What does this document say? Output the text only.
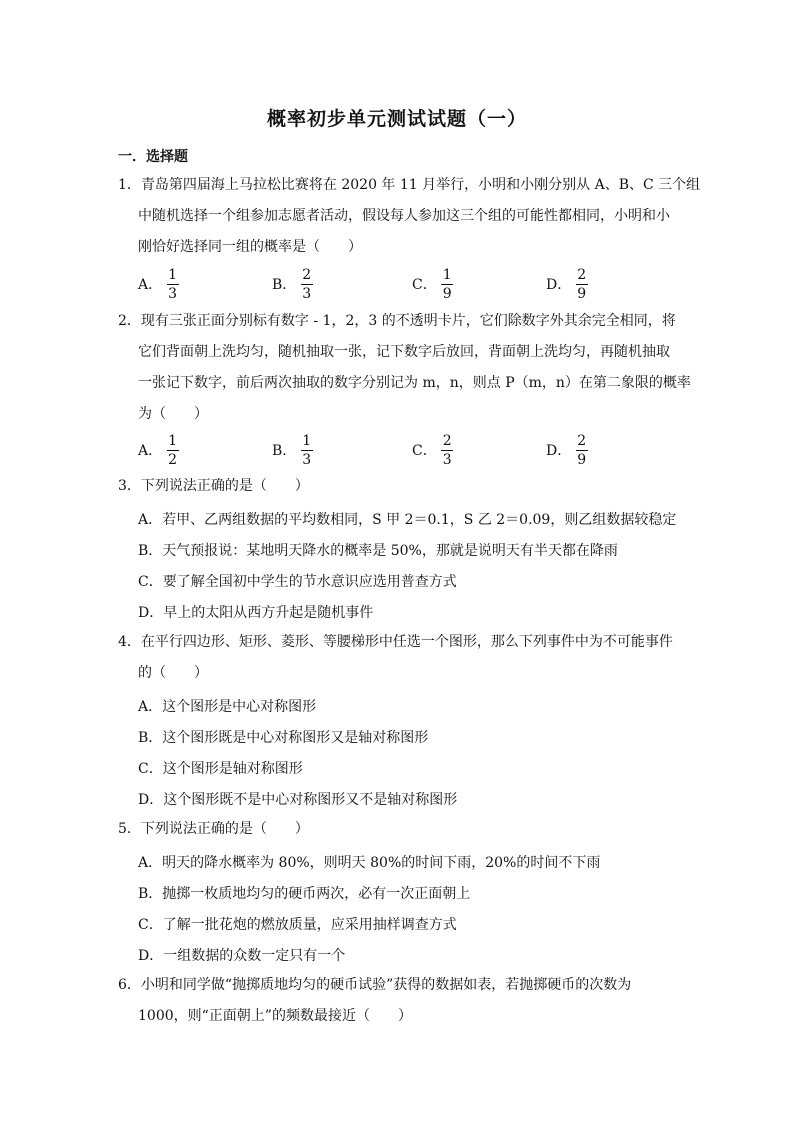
概率初步单元测试试题（一）
一．选择题
1．青岛第四届海上马拉松比赛将在 2020 年 11 月举行，小明和小刚分别从 A、B、C 三个组
中随机选择一个组参加志愿者活动，假设每人参加这三个组的可能性都相同，小明和小
刚恰好选择同一组的概率是（　　）
A． $\frac{1}{3}$	B． $\frac{2}{3}$	C． $\frac{1}{9}$	D． $\frac{2}{9}$
2．现有三张正面分别标有数字 - 1，2，3 的不透明卡片，它们除数字外其余完全相同，将
它们背面朝上洗均匀，随机抽取一张，记下数字后放回，背面朝上洗均匀，再随机抽取
一张记下数字，前后两次抽取的数字分别记为 m，n，则点 P（m，n）在第二象限的概率
为（　　）
A． $\frac{1}{2}$	B． $\frac{1}{3}$	C． $\frac{2}{3}$	D． $\frac{2}{9}$
3．下列说法正确的是（　　）
A．若甲、乙两组数据的平均数相同，S 甲 2＝0.1，S 乙 2＝0.09，则乙组数据较稳定
B．天气预报说：某地明天降水的概率是 50%，那就是说明天有半天都在降雨
C．要了解全国初中学生的节水意识应选用普查方式
D．早上的太阳从西方升起是随机事件
4．在平行四边形、矩形、菱形、等腰梯形中任选一个图形，那么下列事件中为不可能事件
的（　　）
A．这个图形是中心对称图形
B．这个图形既是中心对称图形又是轴对称图形
C．这个图形是轴对称图形
D．这个图形既不是中心对称图形又不是轴对称图形
5．下列说法正确的是（　　）
A．明天的降水概率为 80%，则明天 80%的时间下雨，20%的时间不下雨
B．抛掷一枚质地均匀的硬币两次，必有一次正面朝上
C．了解一批花炮的燃放质量，应采用抽样调查方式
D．一组数据的众数一定只有一个
6．小明和同学做“抛掷质地均匀的硬币试验”获得的数据如表，若抛掷硬币的次数为
1000，则“正面朝上”的频数最接近（　　）
